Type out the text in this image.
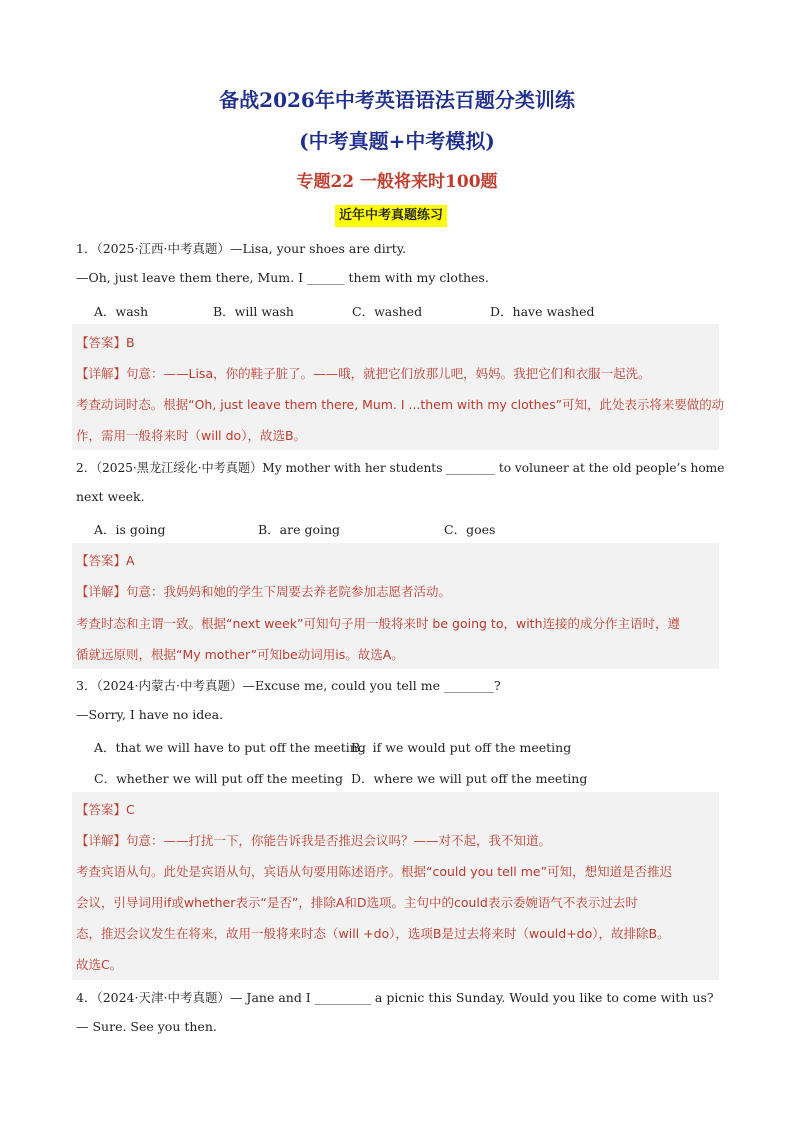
备战2026年中考英语语法百题分类训练
(中考真题+中考模拟)
专题22 一般将来时100题
近年中考真题练习
1．（2025·江西·中考真题）—Lisa, your shoes are dirty.
—Oh, just leave them there, Mum. I ______ them with my clothes.
A．wash	B．will wash	C．washed	D．have washed
【答案】B
【详解】句意：——Lisa，你的鞋子脏了。——哦，就把它们放那儿吧，妈妈。我把它们和衣服一起洗。
考查动词时态。根据“Oh, just leave them there, Mum. I ...them with my clothes”可知，此处表示将来要做的动
作，需用一般将来时（will do），故选B。
2．（2025·黑龙江绥化·中考真题）My mother with her students ________ to voluneer at the old people’s home
next week.
A．is going	B．are going	C．goes
【答案】A
【详解】句意：我妈妈和她的学生下周要去养老院参加志愿者活动。
考查时态和主谓一致。根据“next week”可知句子用一般将来时 be going to，with连接的成分作主语时，遵
循就远原则，根据“My mother”可知be动词用is。故选A。
3．（2024·内蒙古·中考真题）—Excuse me, could you tell me ________?
—Sorry, I have no idea.
A．that we will have to put off the meeting
B．if we would put off the meeting
C．whether we will put off the meeting D．where we will put off the meeting
【答案】C
【详解】句意：——打扰一下，你能告诉我是否推迟会议吗？——对不起，我不知道。
考查宾语从句。此处是宾语从句，宾语从句要用陈述语序。根据“could you tell me”可知，想知道是否推迟
会议，引导词用if或whether表示“是否”，排除A和D选项。主句中的could表示委婉语气不表示过去时
态，推迟会议发生在将来，故用一般将来时态（will +do），选项B是过去将来时（would+do），故排除B。
故选C。
4．（2024·天津·中考真题）— Jane and I _________ a picnic this Sunday. Would you like to come with us?
— Sure. See you then.
